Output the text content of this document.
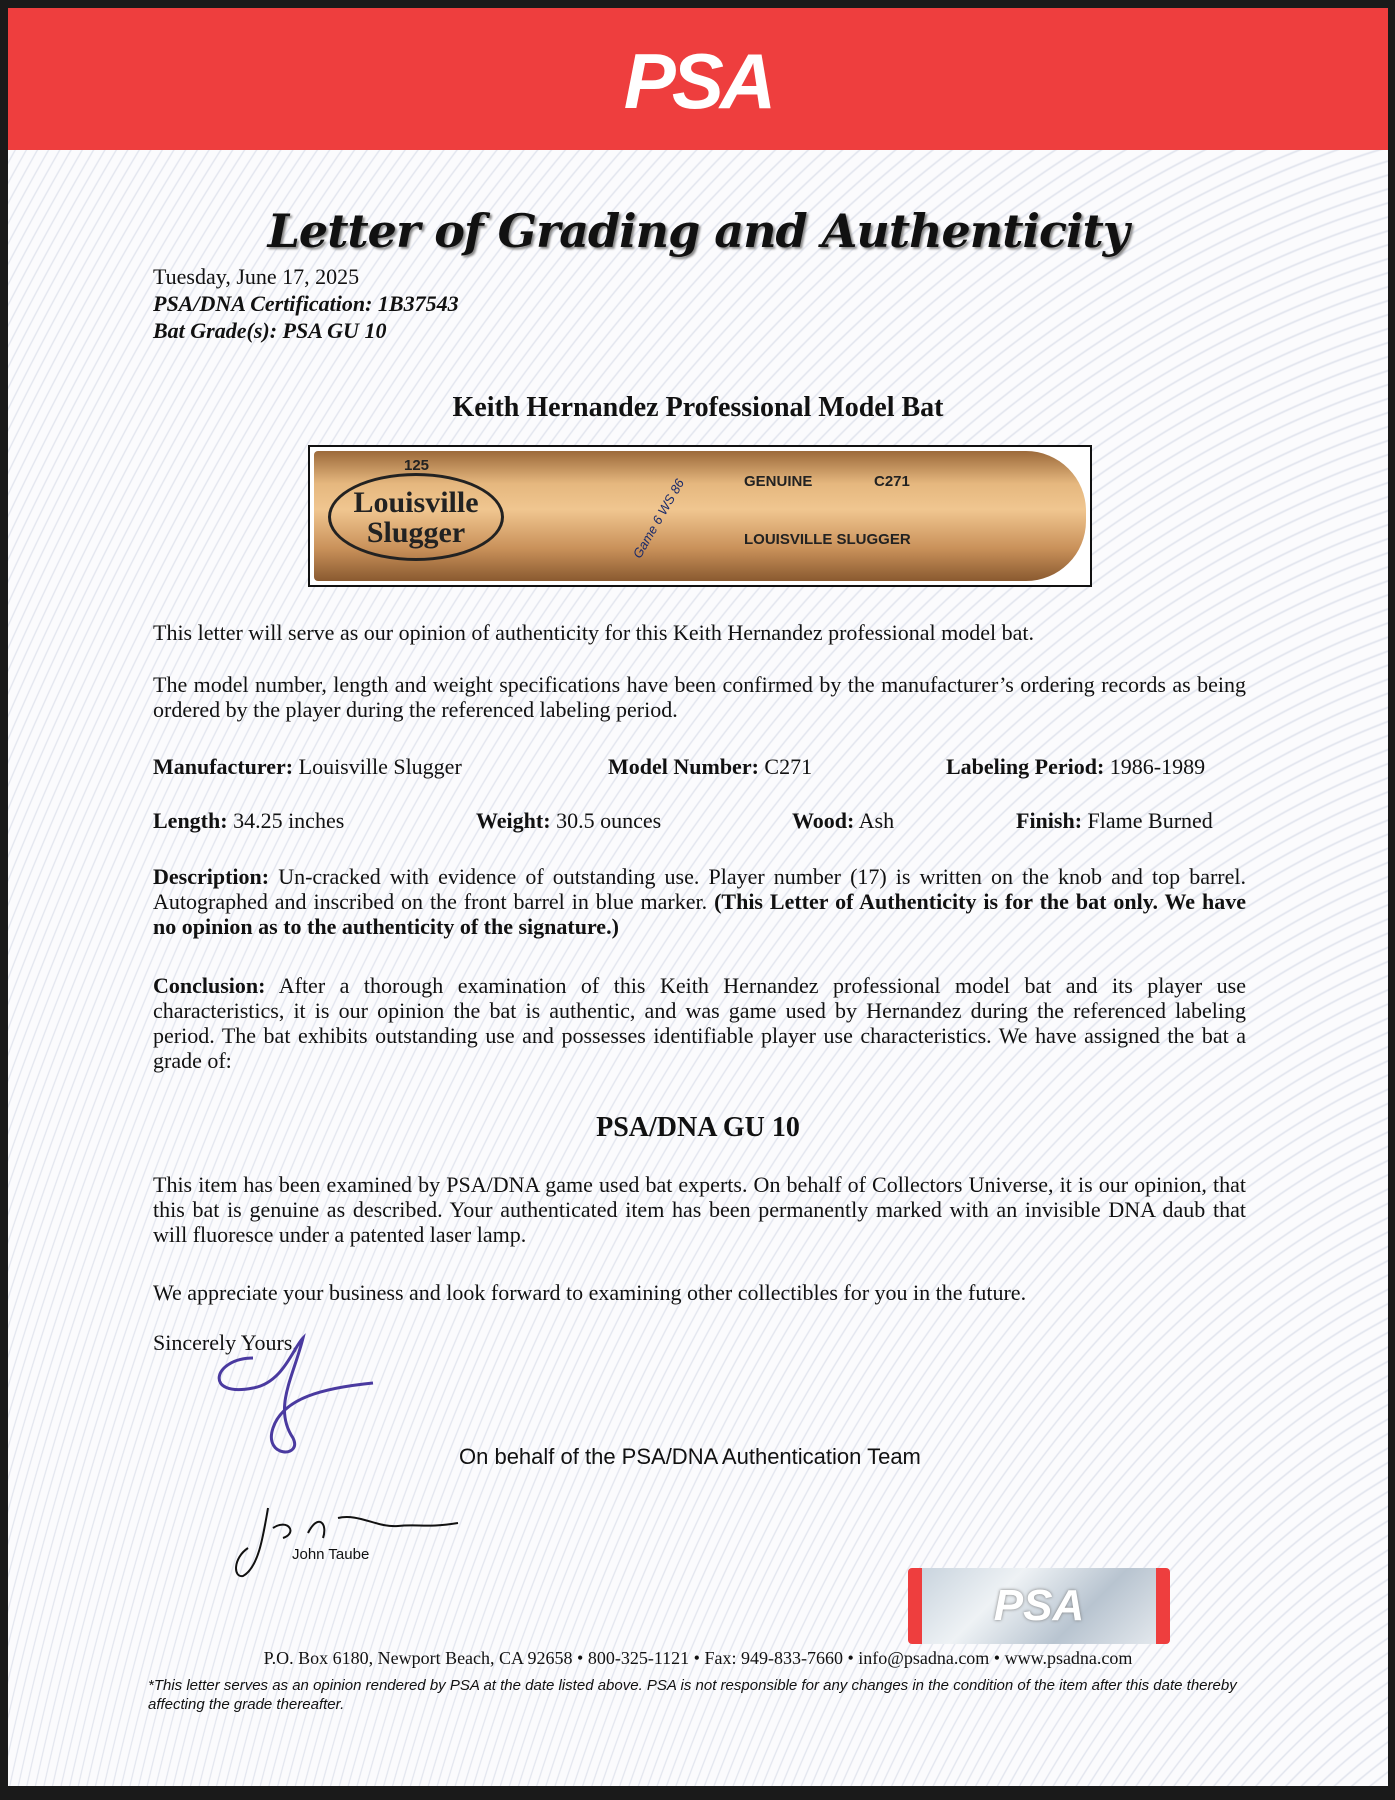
PSA
Letter of Grading and Authenticity
Tuesday, June 17, 2025
PSA/DNA Certification: 1B37543
Bat Grade(s): PSA GU 10
Keith Hernandez Professional Model Bat
Louisville Slugger
125
GENUINE	C271
LOUISVILLE SLUGGER
Game 6 WS 86
This letter will serve as our opinion of authenticity for this Keith Hernandez professional model bat.
The model number, length and weight specifications have been confirmed by the manufacturer’s ordering records as being ordered by the player during the referenced labeling period.
Manufacturer: Louisville Slugger	Model Number: C271	Labeling Period: 1986-1989
Length: 34.25 inches	Weight: 30.5 ounces	Wood: Ash	Finish: Flame Burned
Description: Un-cracked with evidence of outstanding use. Player number (17) is written on the knob and top barrel. Autographed and inscribed on the front barrel in blue marker. (This Letter of Authenticity is for the bat only. We have no opinion as to the authenticity of the signature.)
Conclusion: After a thorough examination of this Keith Hernandez professional model bat and its player use characteristics, it is our opinion the bat is authentic, and was game used by Hernandez during the referenced labeling period. The bat exhibits outstanding use and possesses identifiable player use characteristics. We have assigned the bat a grade of:
PSA/DNA GU 10
This item has been examined by PSA/DNA game used bat experts. On behalf of Collectors Universe, it is our opinion, that this bat is genuine as described. Your authenticated item has been permanently marked with an invisible DNA daub that will fluoresce under a patented laser lamp.
We appreciate your business and look forward to examining other collectibles for you in the future.
Sincerely Yours,
On behalf of the PSA/DNA Authentication Team
John Taube
PSA
P.O. Box 6180, Newport Beach, CA 92658 • 800-325-1121 • Fax: 949-833-7660 • info@psadna.com • www.psadna.com
*This letter serves as an opinion rendered by PSA at the date listed above. PSA is not responsible for any changes in the condition of the item after this date thereby affecting the grade thereafter.
